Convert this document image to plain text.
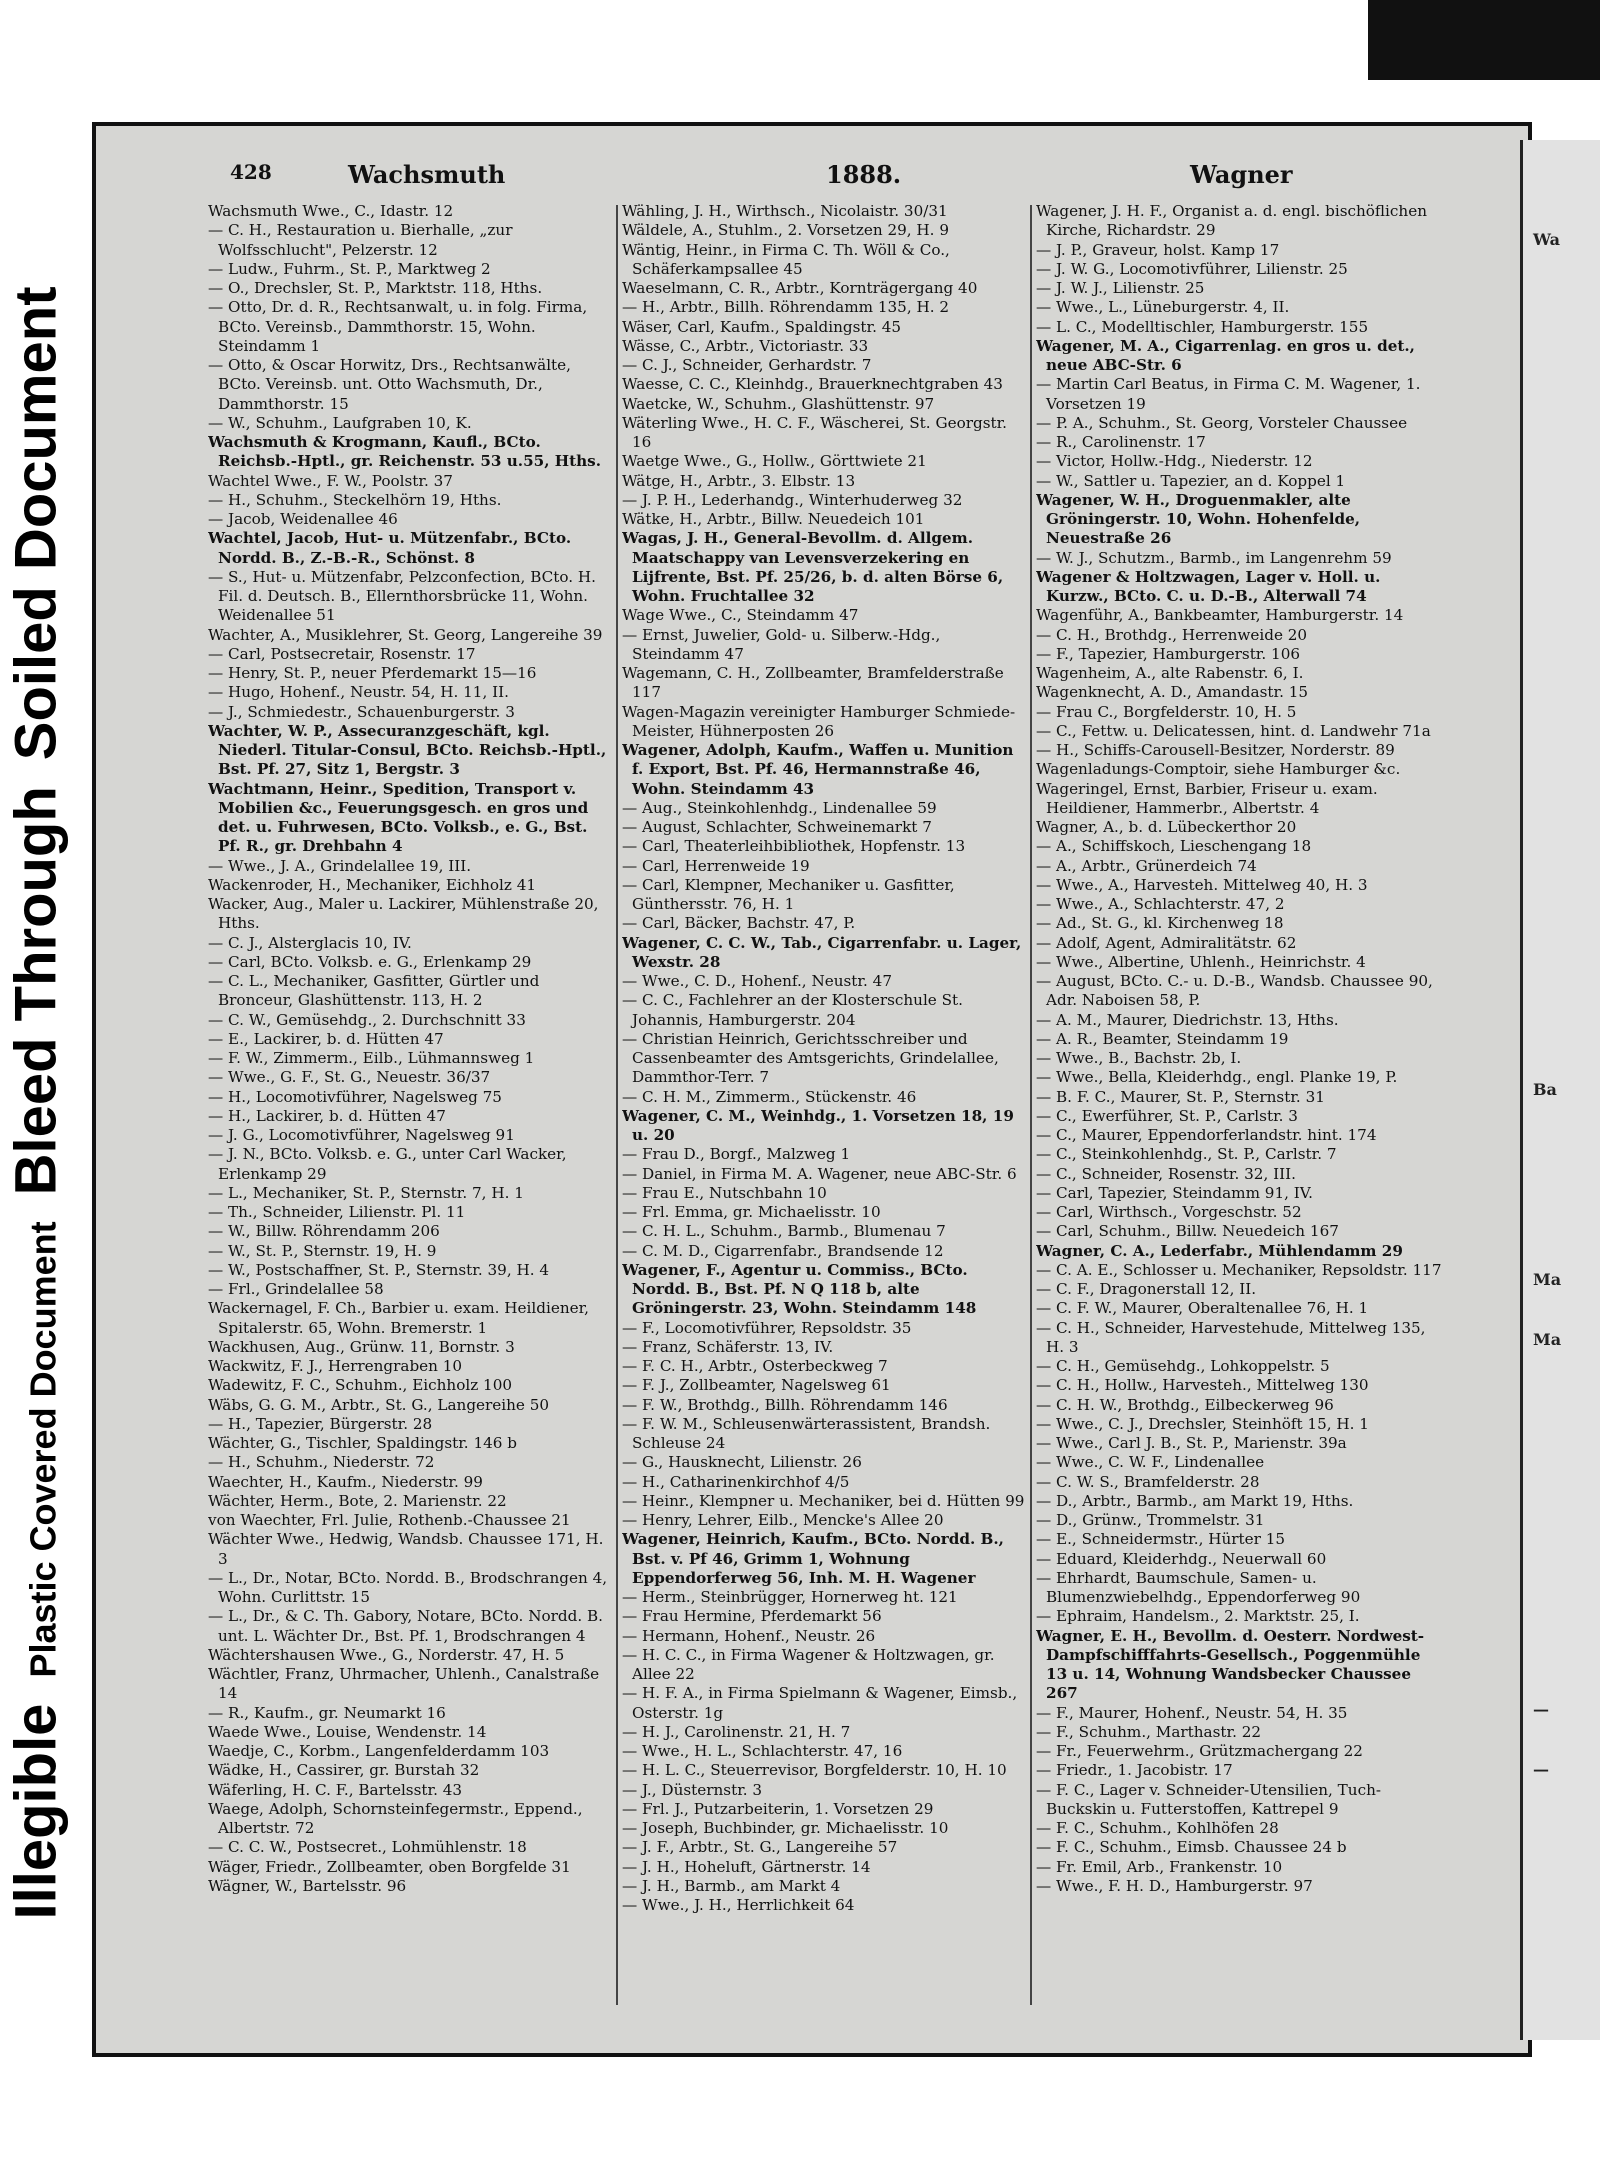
IllegiblePlastic Covered DocumentBleed ThroughSoiled Document
Wa
Ba
Ma
Ma
—
—
428	Wachsmuth	1888.	Wagner

Wachsmuth Wwe., C., Idastr. 12

— C. H., Restauration u. Bierhalle, „zur Wolfsschlucht", Pelzerstr. 12

— Ludw., Fuhrm., St. P., Marktweg 2

— O., Drechsler, St. P., Marktstr. 118, Hths.

— Otto, Dr. d. R., Rechtsanwalt, u. in folg. Firma, BCto. Vereinsb., Dammthorstr. 15, Wohn. Steindamm 1

— Otto, & Oscar Horwitz, Drs., Rechtsanwälte, BCto. Vereinsb. unt. Otto Wachsmuth, Dr., Dammthorstr. 15

— W., Schuhm., Laufgraben 10, K.

Wachsmuth & Krogmann, Kaufl., BCto. Reichsb.-Hptl., gr. Reichenstr. 53 u.55, Hths.

Wachtel Wwe., F. W., Poolstr. 37

— H., Schuhm., Steckelhörn 19, Hths.

— Jacob, Weidenallee 46

Wachtel, Jacob, Hut- u. Mützenfabr., BCto. Nordd. B., Z.-B.-R., Schönst. 8

— S., Hut- u. Mützenfabr, Pelzconfection, BCto. H. Fil. d. Deutsch. B., Ellernthorsbrücke 11, Wohn. Weidenallee 51

Wachter, A., Musiklehrer, St. Georg, Langereihe 39

— Carl, Postsecretair, Rosenstr. 17

— Henry, St. P., neuer Pferdemarkt 15—16

— Hugo, Hohenf., Neustr. 54, H. 11, II.

— J., Schmiedestr., Schauenburgerstr. 3

Wachter, W. P., Assecuranzgeschäft, kgl. Niederl. Titular-Consul, BCto. Reichsb.-Hptl., Bst. Pf. 27, Sitz 1, Bergstr. 3

Wachtmann, Heinr., Spedition, Transport v. Mobilien &c., Feuerungsgesch. en gros und det. u. Fuhrwesen, BCto. Volksb., e. G., Bst. Pf. R., gr. Drehbahn 4

— Wwe., J. A., Grindelallee 19, III.

Wackenroder, H., Mechaniker, Eichholz 41

Wacker, Aug., Maler u. Lackirer, Mühlenstraße 20, Hths.

— C. J., Alsterglacis 10, IV.

— Carl, BCto. Volksb. e. G., Erlenkamp 29

— C. L., Mechaniker, Gasfitter, Gürtler und Bronceur, Glashüttenstr. 113, H. 2

— C. W., Gemüsehdg., 2. Durchschnitt 33

— E., Lackirer, b. d. Hütten 47

— F. W., Zimmerm., Eilb., Lühmannsweg 1

— Wwe., G. F., St. G., Neuestr. 36/37

— H., Locomotivführer, Nagelsweg 75

— H., Lackirer, b. d. Hütten 47

— J. G., Locomotivführer, Nagelsweg 91

— J. N., BCto. Volksb. e. G., unter Carl Wacker, Erlenkamp 29

— L., Mechaniker, St. P., Sternstr. 7, H. 1

— Th., Schneider, Lilienstr. Pl. 11

— W., Billw. Röhrendamm 206

— W., St. P., Sternstr. 19, H. 9

— W., Postschaffner, St. P., Sternstr. 39, H. 4

— Frl., Grindelallee 58

Wackernagel, F. Ch., Barbier u. exam. Heildiener, Spitalerstr. 65, Wohn. Bremerstr. 1

Wackhusen, Aug., Grünw. 11, Bornstr. 3

Wackwitz, F. J., Herrengraben 10

Wadewitz, F. C., Schuhm., Eichholz 100

Wäbs, G. G. M., Arbtr., St. G., Langereihe 50

— H., Tapezier, Bürgerstr. 28

Wächter, G., Tischler, Spaldingstr. 146 b

— H., Schuhm., Niederstr. 72

Waechter, H., Kaufm., Niederstr. 99

Wächter, Herm., Bote, 2. Marienstr. 22

von Waechter, Frl. Julie, Rothenb.-Chaussee 21

Wächter Wwe., Hedwig, Wandsb. Chaussee 171, H. 3

— L., Dr., Notar, BCto. Nordd. B., Brodschrangen 4, Wohn. Curlittstr. 15

— L., Dr., & C. Th. Gabory, Notare, BCto. Nordd. B. unt. L. Wächter Dr., Bst. Pf. 1, Brodschrangen 4

Wächtershausen Wwe., G., Norderstr. 47, H. 5

Wächtler, Franz, Uhrmacher, Uhlenh., Canalstraße 14

— R., Kaufm., gr. Neumarkt 16

Waede Wwe., Louise, Wendenstr. 14

Waedje, C., Korbm., Langenfelderdamm 103

Wädke, H., Cassirer, gr. Burstah 32

Wäferling, H. C. F., Bartelsstr. 43

Waege, Adolph, Schornsteinfegermstr., Eppend., Albertstr. 72

— C. C. W., Postsecret., Lohmühlenstr. 18

Wäger, Friedr., Zollbeamter, oben Borgfelde 31

Wägner, W., Bartelsstr. 96

Wähling, J. H., Wirthsch., Nicolaistr. 30/31

Wäldele, A., Stuhlm., 2. Vorsetzen 29, H. 9

Wäntig, Heinr., in Firma C. Th. Wöll & Co., Schäferkampsallee 45

Waeselmann, C. R., Arbtr., Kornträgergang 40

— H., Arbtr., Billh. Röhrendamm 135, H. 2

Wäser, Carl, Kaufm., Spaldingstr. 45

Wässe, C., Arbtr., Victoriastr. 33

— C. J., Schneider, Gerhardstr. 7

Waesse, C. C., Kleinhdg., Brauerknechtgraben 43

Waetcke, W., Schuhm., Glashüttenstr. 97

Wäterling Wwe., H. C. F., Wäscherei, St. Georgstr. 16

Waetge Wwe., G., Hollw., Görttwiete 21

Wätge, H., Arbtr., 3. Elbstr. 13

— J. P. H., Lederhandg., Winterhuderweg 32

Wätke, H., Arbtr., Billw. Neuedeich 101

Wagas, J. H., General-Bevollm. d. Allgem. Maatschappy van Levensverzekering en Lijfrente, Bst. Pf. 25/26, b. d. alten Börse 6, Wohn. Fruchtallee 32

Wage Wwe., C., Steindamm 47

— Ernst, Juwelier, Gold- u. Silberw.-Hdg., Steindamm 47

Wagemann, C. H., Zollbeamter, Bramfelderstraße 117

Wagen-Magazin vereinigter Hamburger Schmiede-Meister, Hühnerposten 26

Wagener, Adolph, Kaufm., Waffen u. Munition f. Export, Bst. Pf. 46, Hermannstraße 46, Wohn. Steindamm 43

— Aug., Steinkohlenhdg., Lindenallee 59

— August, Schlachter, Schweinemarkt 7

— Carl, Theaterleihbibliothek, Hopfenstr. 13

— Carl, Herrenweide 19

— Carl, Klempner, Mechaniker u. Gasfitter, Günthersstr. 76, H. 1

— Carl, Bäcker, Bachstr. 47, P.

Wagener, C. C. W., Tab., Cigarrenfabr. u. Lager, Wexstr. 28

— Wwe., C. D., Hohenf., Neustr. 47

— C. C., Fachlehrer an der Klosterschule St. Johannis, Hamburgerstr. 204

— Christian Heinrich, Gerichtsschreiber und Cassenbeamter des Amtsgerichts, Grindelallee, Dammthor-Terr. 7

— C. H. M., Zimmerm., Stückenstr. 46

Wagener, C. M., Weinhdg., 1. Vorsetzen 18, 19 u. 20

— Frau D., Borgf., Malzweg 1

— Daniel, in Firma M. A. Wagener, neue ABC-Str. 6

— Frau E., Nutschbahn 10

— Frl. Emma, gr. Michaelisstr. 10

— C. H. L., Schuhm., Barmb., Blumenau 7

— C. M. D., Cigarrenfabr., Brandsende 12

Wagener, F., Agentur u. Commiss., BCto. Nordd. B., Bst. Pf. N Q 118 b, alte Gröningerstr. 23, Wohn. Steindamm 148

— F., Locomotivführer, Repsoldstr. 35

— Franz, Schäferstr. 13, IV.

— F. C. H., Arbtr., Osterbeckweg 7

— F. J., Zollbeamter, Nagelsweg 61

— F. W., Brothdg., Billh. Röhrendamm 146

— F. W. M., Schleusenwärterassistent, Brandsh. Schleuse 24

— G., Hausknecht, Lilienstr. 26

— H., Catharinenkirchhof 4/5

— Heinr., Klempner u. Mechaniker, bei d. Hütten 99

— Henry, Lehrer, Eilb., Mencke's Allee 20

Wagener, Heinrich, Kaufm., BCto. Nordd. B., Bst. v. Pf 46, Grimm 1, Wohnung Eppendorferweg 56, Inh. M. H. Wagener

— Herm., Steinbrügger, Hornerweg ht. 121

— Frau Hermine, Pferdemarkt 56

— Hermann, Hohenf., Neustr. 26

— H. C. C., in Firma Wagener & Holtzwagen, gr. Allee 22

— H. F. A., in Firma Spielmann & Wagener, Eimsb., Osterstr. 1g

— H. J., Carolinenstr. 21, H. 7

— Wwe., H. L., Schlachterstr. 47, 16

— H. L. C., Steuerrevisor, Borgfelderstr. 10, H. 10

— J., Düsternstr. 3

— Frl. J., Putzarbeiterin, 1. Vorsetzen 29

— Joseph, Buchbinder, gr. Michaelisstr. 10

— J. F., Arbtr., St. G., Langereihe 57

— J. H., Hoheluft, Gärtnerstr. 14

— J. H., Barmb., am Markt 4

— Wwe., J. H., Herrlichkeit 64

Wagener, J. H. F., Organist a. d. engl. bischöflichen Kirche, Richardstr. 29

— J. P., Graveur, holst. Kamp 17

— J. W. G., Locomotivführer, Lilienstr. 25

— J. W. J., Lilienstr. 25

— Wwe., L., Lüneburgerstr. 4, II.

— L. C., Modelltischler, Hamburgerstr. 155

Wagener, M. A., Cigarrenlag. en gros u. det., neue ABC-Str. 6

— Martin Carl Beatus, in Firma C. M. Wagener, 1. Vorsetzen 19

— P. A., Schuhm., St. Georg, Vorsteler Chaussee

— R., Carolinenstr. 17

— Victor, Hollw.-Hdg., Niederstr. 12

— W., Sattler u. Tapezier, an d. Koppel 1

Wagener, W. H., Droguenmakler, alte Gröningerstr. 10, Wohn. Hohenfelde, Neuestraße 26

— W. J., Schutzm., Barmb., im Langenrehm 59

Wagener & Holtzwagen, Lager v. Holl. u. Kurzw., BCto. C. u. D.-B., Alterwall 74

Wagenführ, A., Bankbeamter, Hamburgerstr. 14

— C. H., Brothdg., Herrenweide 20

— F., Tapezier, Hamburgerstr. 106

Wagenheim, A., alte Rabenstr. 6, I.

Wagenknecht, A. D., Amandastr. 15

— Frau C., Borgfelderstr. 10, H. 5

— C., Fettw. u. Delicatessen, hint. d. Landwehr 71a

— H., Schiffs-Carousell-Besitzer, Norderstr. 89

Wagenladungs-Comptoir, siehe Hamburger &c.

Wageringel, Ernst, Barbier, Friseur u. exam. Heildiener, Hammerbr., Albertstr. 4

Wagner, A., b. d. Lübeckerthor 20

— A., Schiffskoch, Lieschengang 18

— A., Arbtr., Grünerdeich 74

— Wwe., A., Harvesteh. Mittelweg 40, H. 3

— Wwe., A., Schlachterstr. 47, 2

— Ad., St. G., kl. Kirchenweg 18

— Adolf, Agent, Admiralitätstr. 62

— Wwe., Albertine, Uhlenh., Heinrichstr. 4

— August, BCto. C.- u. D.-B., Wandsb. Chaussee 90, Adr. Naboisen 58, P.

— A. M., Maurer, Diedrichstr. 13, Hths.

— A. R., Beamter, Steindamm 19

— Wwe., B., Bachstr. 2b, I.

— Wwe., Bella, Kleiderhdg., engl. Planke 19, P.

— B. F. C., Maurer, St. P., Sternstr. 31

— C., Ewerführer, St. P., Carlstr. 3

— C., Maurer, Eppendorferlandstr. hint. 174

— C., Steinkohlenhdg., St. P., Carlstr. 7

— C., Schneider, Rosenstr. 32, III.

— Carl, Tapezier, Steindamm 91, IV.

— Carl, Wirthsch., Vorgeschstr. 52

— Carl, Schuhm., Billw. Neuedeich 167

Wagner, C. A., Lederfabr., Mühlendamm 29

— C. A. E., Schlosser u. Mechaniker, Repsoldstr. 117

— C. F., Dragonerstall 12, II.

— C. F. W., Maurer, Oberaltenallee 76, H. 1

— C. H., Schneider, Harvestehude, Mittelweg 135, H. 3

— C. H., Gemüsehdg., Lohkoppelstr. 5

— C. H., Hollw., Harvesteh., Mittelweg 130

— C. H. W., Brothdg., Eilbeckerweg 96

— Wwe., C. J., Drechsler, Steinhöft 15, H. 1

— Wwe., Carl J. B., St. P., Marienstr. 39a

— Wwe., C. W. F., Lindenallee

— C. W. S., Bramfelderstr. 28

— D., Arbtr., Barmb., am Markt 19, Hths.

— D., Grünw., Trommelstr. 31

— E., Schneidermstr., Hürter 15

— Eduard, Kleiderhdg., Neuerwall 60

— Ehrhardt, Baumschule, Samen- u. Blumenzwiebelhdg., Eppendorferweg 90

— Ephraim, Handelsm., 2. Marktstr. 25, I.

Wagner, E. H., Bevollm. d. Oesterr. Nordwest-Dampfschifffahrts-Gesellsch., Poggenmühle 13 u. 14, Wohnung Wandsbecker Chaussee 267

— F., Maurer, Hohenf., Neustr. 54, H. 35

— F., Schuhm., Marthastr. 22

— Fr., Feuerwehrm., Grützmachergang 22

— Friedr., 1. Jacobistr. 17

— F. C., Lager v. Schneider-Utensilien, Tuch-Buckskin u. Futterstoffen, Kattrepel 9

— F. C., Schuhm., Kohlhöfen 28

— F. C., Schuhm., Eimsb. Chaussee 24 b

— Fr. Emil, Arb., Frankenstr. 10

— Wwe., F. H. D., Hamburgerstr. 97
